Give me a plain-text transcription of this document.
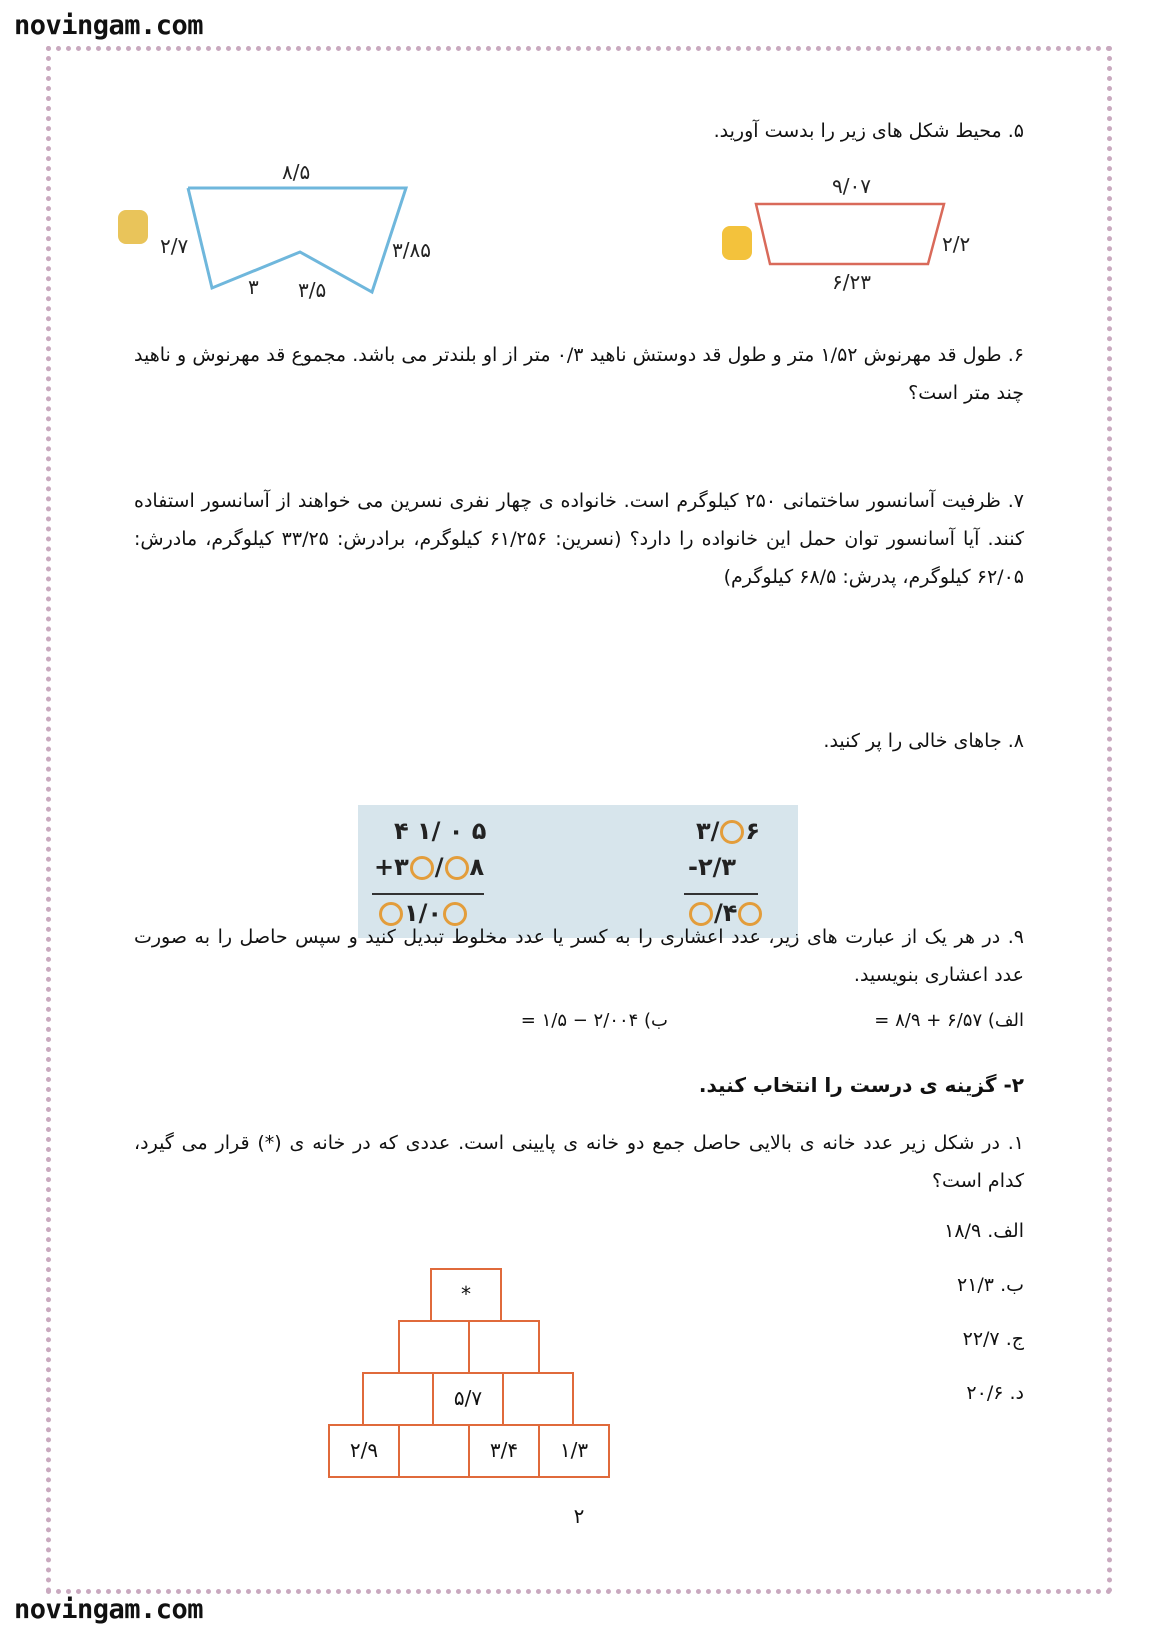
novingam.com
۵. محیط شکل های زیر را بدست آورید.
۸/۵
۲/۷	۳/۸۵
۳ ۳/۵
۹/۰۷
۲/۲
۶/۲۳
۶. طول قد مهرنوش ۱/۵۲ متر و طول قد دوستش ناهید ۰/۳ متر از او بلندتر می باشد. مجموع قد مهرنوش و ناهید چند متر است؟
۷. ظرفیت آسانسور ساختمانی ۲۵۰ کیلوگرم است. خانواده ی چهار نفری نسرین می خواهند از آسانسور استفاده کنند. آیا آسانسور توان حمل این خانواده را دارد؟ (نسرین: ۶۱/۲۵۶ کیلوگرم، برادرش: ۳۳/۲۵ کیلوگرم، مادرش: ۶۲/۰۵ کیلوگرم، پدرش: ۶۸/۵ کیلوگرم)
۸. جاهای خالی را پر کنید.
۴ ۱/ ۰ ۵
+۳ / ۸
۱/۰
۳/ ۶
-۲/۳
/۴
۹. در هر یک از عبارت های زیر، عدد اعشاری را به کسر یا عدد مخلوط تبدیل کنید و سپس حاصل را به صورت عدد اعشاری بنویسید.
الف) ۶/۵۷ + ۸/۹ =
ب) ۲/۰۰۴ − ۱/۵ =
۲- گزینه ی درست را انتخاب کنید.
۱. در شکل زیر عدد خانه ی بالایی حاصل جمع دو خانه ی پایینی است. عددی که در خانه ی (*) قرار می گیرد، کدام است؟
الف. ۱۸/۹
ب. ۲۱/۳
ج. ۲۲/۷
د. ۲۰/۶
*
۵/۷
۲/۹	۳/۴	۱/۳
۲
novingam.com
